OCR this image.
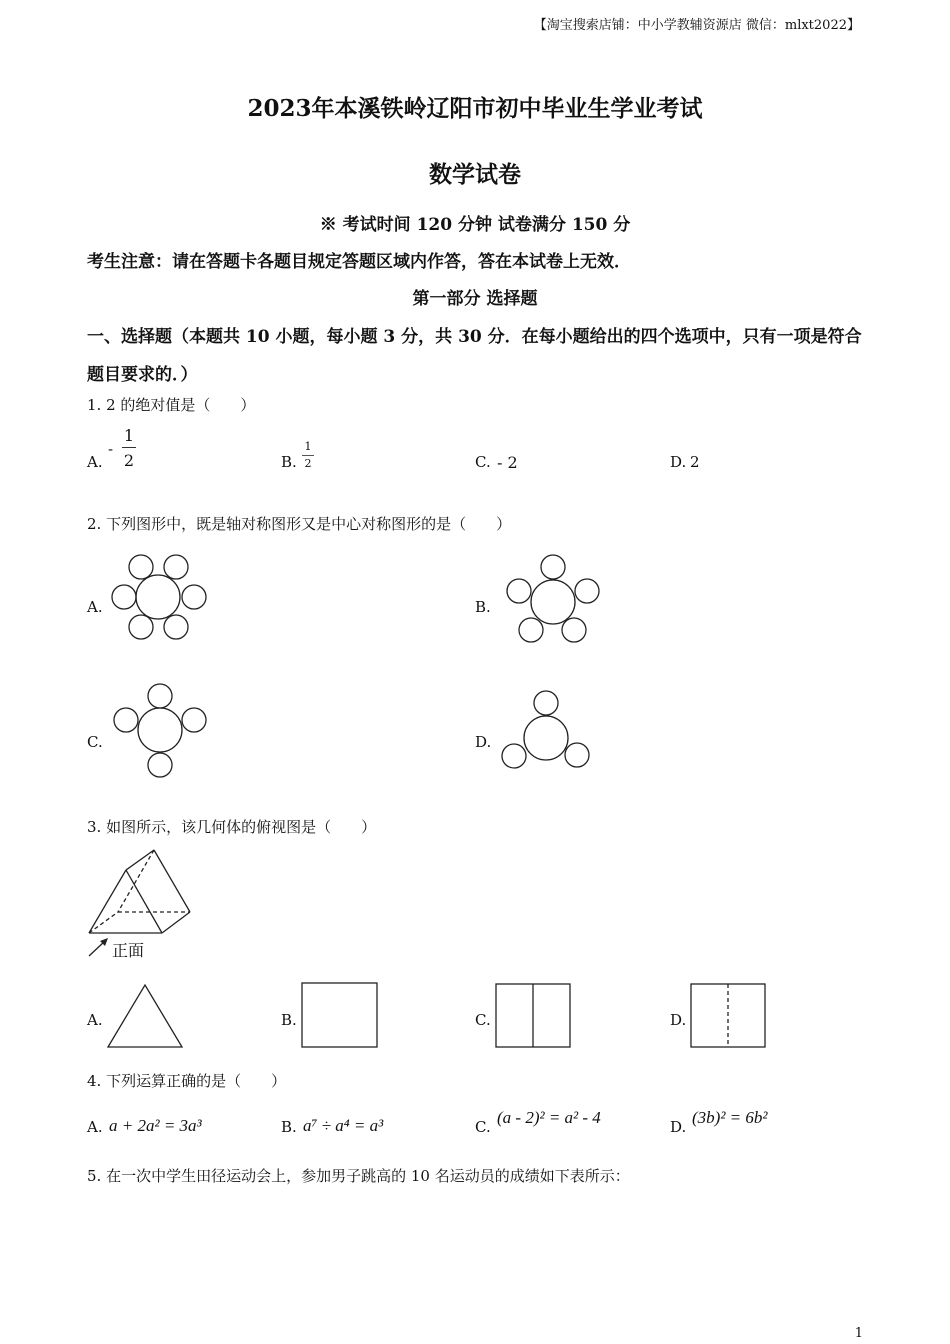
【淘宝搜索店铺：中小学教辅资源店 微信：mlxt2022】
2023年本溪铁岭辽阳市初中毕业生学业考试
数学试卷
※ 考试时间 120 分钟 试卷满分 150 分
考生注意：请在答题卡各题目规定答题区域内作答，答在本试卷上无效．
第一部分 选择题
一、选择题（本题共 10 小题，每小题 3 分，共 30 分．在每小题给出的四个选项中，只有一项是符合题目要求的．）
1. 2 的绝对值是（　　）
A.
-
1
2	B.
1
2	C. - 2	D. 2
2. 下列图形中，既是轴对称图形又是中心对称图形的是（　　）
A.	B.
C.	D.
3. 如图所示，该几何体的俯视图是（　　）
正面
A.	B.	C.	D.
4. 下列运算正确的是（　　）
A. a + 2a² = 3a³	B. a⁷ ÷ a⁴ = a³	C. (a - 2)² = a² - 4	D. (3b)² = 6b²
5. 在一次中学生田径运动会上，参加男子跳高的 10 名运动员的成绩如下表所示：
1
